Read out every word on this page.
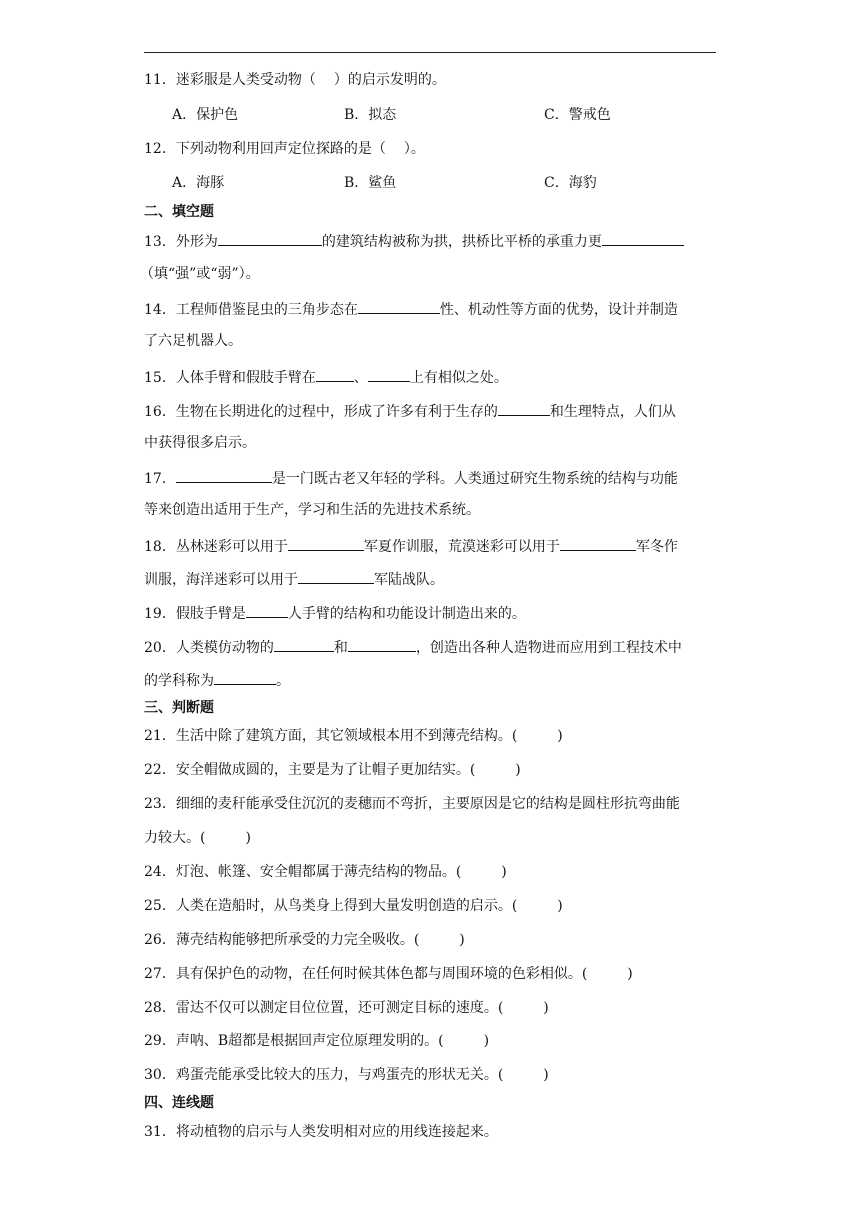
11．迷彩服是人类受动物（ ）的启示发明的。
A．保护色	B．拟态	C．警戒色
12．下列动物利用回声定位探路的是（ ）。
A．海豚	B．鲨鱼	C．海豹
二、填空题
13．外形为	的建筑结构被称为拱，拱桥比平桥的承重力更
（填“强”或“弱”）。
14．工程师借鉴昆虫的三角步态在	性、机动性等方面的优势，设计并制造
了六足机器人。
15．人体手臂和假肢手臂在	、	上有相似之处。
16．生物在长期进化的过程中，形成了许多有利于生存的	和生理特点，人们从
中获得很多启示。
17．	是一门既古老又年轻的学科。人类通过研究生物系统的结构与功能
等来创造出适用于生产，学习和生活的先进技术系统。
18．丛林迷彩可以用于	军夏作训服，荒漠迷彩可以用于	军冬作
训服，海洋迷彩可以用于	军陆战队。
19．假肢手臂是	人手臂的结构和功能设计制造出来的。
20．人类模仿动物的	和	，创造出各种人造物进而应用到工程技术中
的学科称为	。
三、判断题
21．生活中除了建筑方面，其它领域根本用不到薄壳结构。(	)
22．安全帽做成圆的，主要是为了让帽子更加结实。(	)
23．细细的麦秆能承受住沉沉的麦穗而不弯折，主要原因是它的结构是圆柱形抗弯曲能
力较大。(	)
24．灯泡、帐篷、安全帽都属于薄壳结构的物品。(	)
25．人类在造船时，从鸟类身上得到大量发明创造的启示。(	)
26．薄壳结构能够把所承受的力完全吸收。(	)
27．具有保护色的动物，在任何时候其体色都与周围环境的色彩相似。(	)
28．雷达不仅可以测定目位位置，还可测定目标的速度。(	)
29．声呐、B超都是根据回声定位原理发明的。(	)
30．鸡蛋壳能承受比较大的压力，与鸡蛋壳的形状无关。(	)
四、连线题
31．将动植物的启示与人类发明相对应的用线连接起来。
